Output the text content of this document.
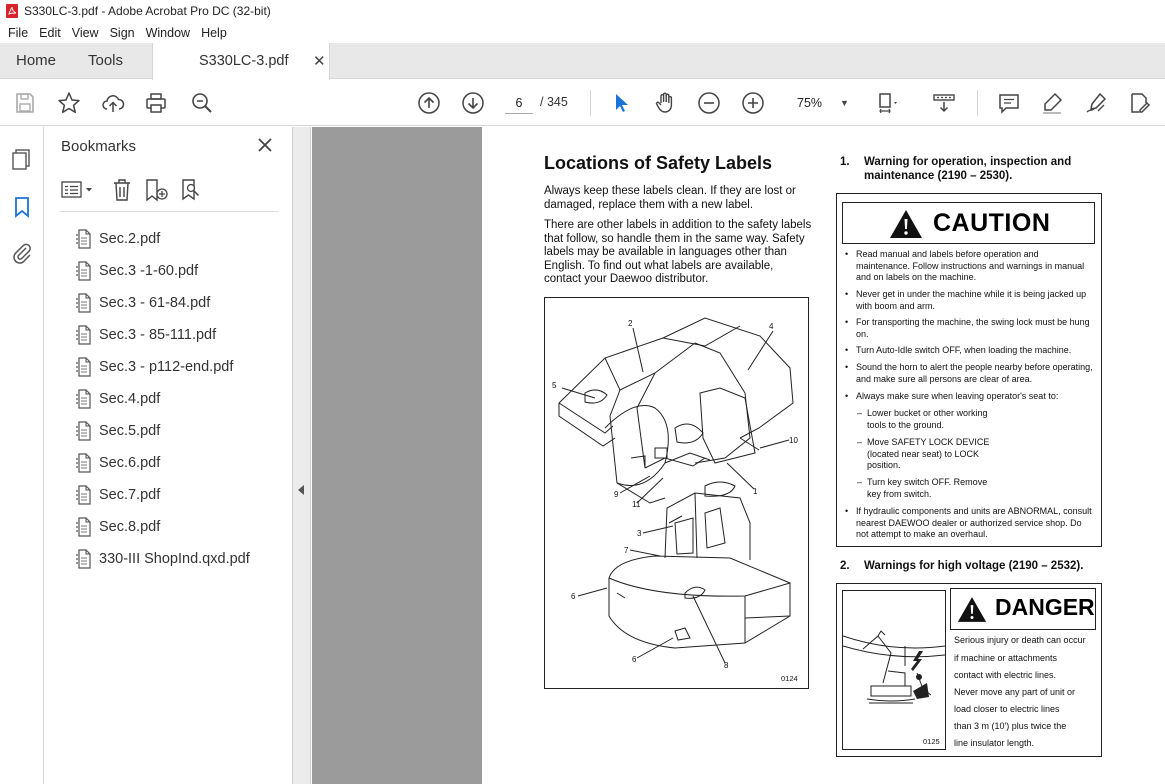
S330LC-3.pdf - Adobe Acrobat Pro DC (32-bit)
File Edit View Sign Window Help
Home Tools	S330LC-3.pdf ✕
6	/ 345	75% ▼
Bookmarks
Sec.2.pdf
Sec.3 -1-60.pdf
Sec.3 - 61-84.pdf
Sec.3 - 85-111.pdf
Sec.3 - p112-end.pdf
Sec.4.pdf
Sec.5.pdf
Sec.6.pdf
Sec.7.pdf
Sec.8.pdf
330-III ShopInd.qxd.pdf
Locations of Safety Labels
Always keep these labels clean. If they are lost or damaged, replace them with a new label.
There are other labels in addition to the safety labels that follow, so handle them in the same way. Safety labels may be available in languages other than English. To find out what labels are available, contact your Daewoo distributor.
2	4
5
10
9
11
1
3
7
6
6
8
0124
1. Warning for operation, inspection and maintenance (2190 – 2530).
CAUTION
• Read manual and labels before operation and maintenance. Follow instructions and warnings in manual and on labels on the machine.
• Never get in under the machine while it is being jacked up with boom and arm.
• For transporting the machine, the swing lock must be hung on.
• Turn Auto-Idle switch OFF, when loading the machine.
• Sound the horn to alert the people nearby before operating, and make sure all persons are clear of area.
• Always make sure when leaving operator's seat to:
– Lower bucket or other working tools to the ground.
– Move SAFETY LOCK DEVICE (located near seat) to LOCK position.
– Turn key switch OFF. Remove key from switch.
• If hydraulic components and units are ABNORMAL, consult nearest DAEWOO dealer or authorized service shop. Do not attempt to make an overhaul.
2. Warnings for high voltage (2190 – 2532).
0125
DANGER
Serious injury or death can occur
if machine or attachments
contact with electric lines.
Never move any part of unit or
load closer to electric lines
than 3 m (10') plus twice the
line insulator length.
